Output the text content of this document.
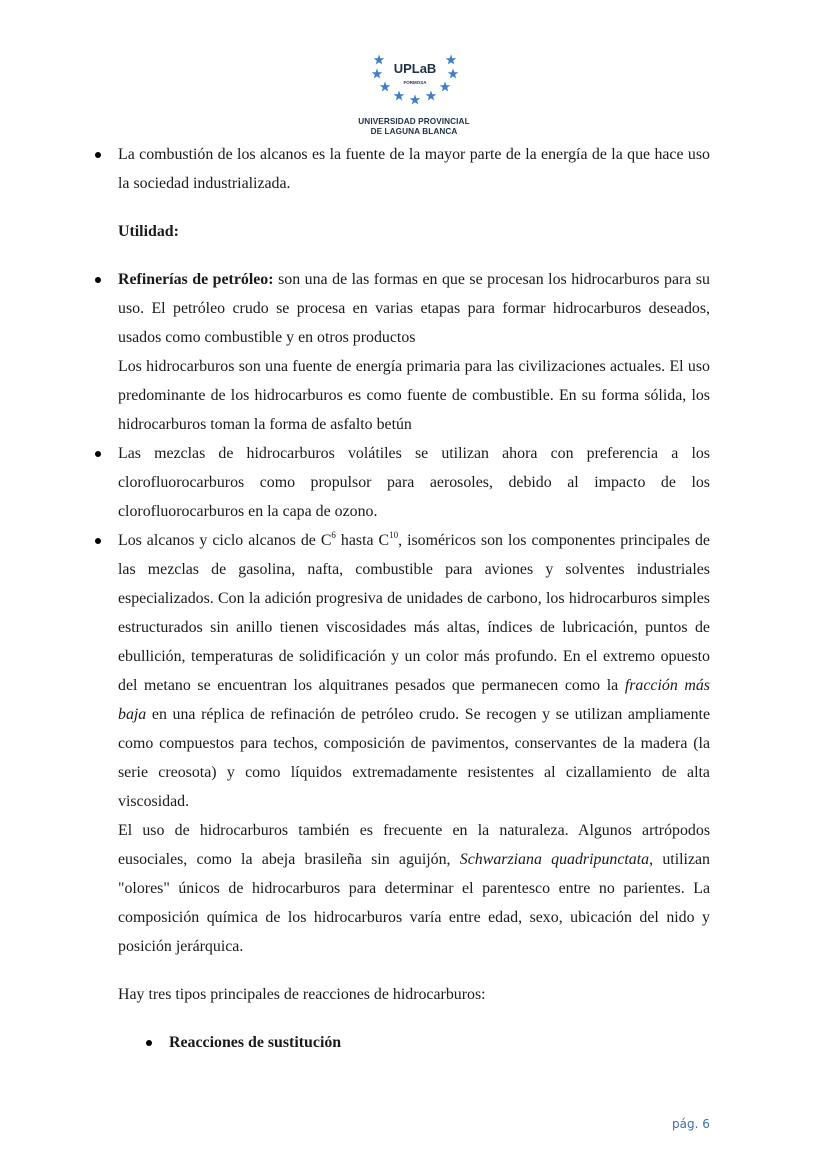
UPLaB
FORMOSA
UNIVERSIDAD PROVINCIAL
DE LAGUNA BLANCA

La combustión de los alcanos es la fuente de la mayor parte de la energía de la que hace uso la sociedad industrializada.

Utilidad:

Refinerías de petróleo: son una de las formas en que se procesan los hidrocarburos para su uso. El petróleo crudo se procesa en varias etapas para formar hidrocarburos deseados, usados como combustible y en otros productos

Los hidrocarburos son una fuente de energía primaria para las civilizaciones actuales. El uso predominante de los hidrocarburos es como fuente de combustible. En su forma sólida, los hidrocarburos toman la forma de asfalto betún

Las mezclas de hidrocarburos volátiles se utilizan ahora con preferencia a los clorofluorocarburos como propulsor para aerosoles, debido al impacto de los clorofluorocarburos en la capa de ozono.

Los alcanos y ciclo alcanos de $C^6$ hasta $C^{10}$, isoméricos son los componentes principales de las mezclas de gasolina, nafta, combustible para aviones y solventes industriales especializados. Con la adición progresiva de unidades de carbono, los hidrocarburos simples estructurados sin anillo tienen viscosidades más altas, índices de lubricación, puntos de ebullición, temperaturas de solidificación y un color más profundo. En el extremo opuesto del metano se encuentran los alquitranes pesados que permanecen como la fracción más baja en una réplica de refinación de petróleo crudo. Se recogen y se utilizan ampliamente como compuestos para techos, composición de pavimentos, conservantes de la madera (la serie creosota) y como líquidos extremadamente resistentes al cizallamiento de alta viscosidad.

El uso de hidrocarburos también es frecuente en la naturaleza. Algunos artrópodos eusociales, como la abeja brasileña sin aguijón, Schwarziana quadripunctata, utilizan "olores" únicos de hidrocarburos para determinar el parentesco entre no parientes. La composición química de los hidrocarburos varía entre edad, sexo, ubicación del nido y posición jerárquica.

Hay tres tipos principales de reacciones de hidrocarburos:

Reacciones de sustitución

pág. 6
